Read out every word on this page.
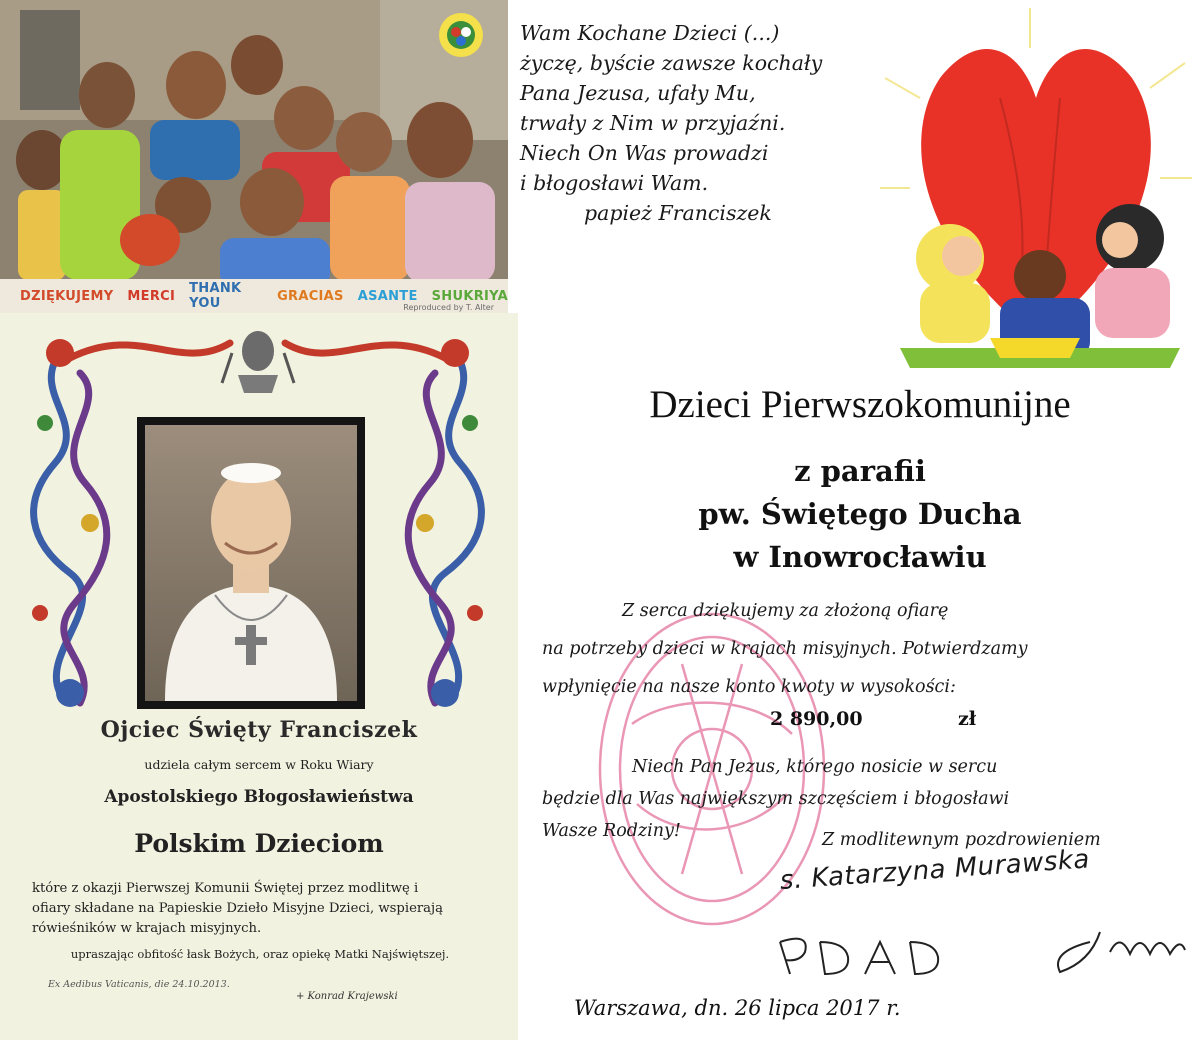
DZIĘKUJEMY MERCI THANK YOU	GRACIAS ASANTE SHUKRIYA
Reproduced by T. Alter
Ojciec Święty Franciszek
udziela całym sercem w Roku Wiary
Apostolskiego Błogosławieństwa
Polskim Dzieciom
które z okazji Pierwszej Komunii Świętej przez modlitwę i
ofiary składane na Papieskie Dzieło Misyjne Dzieci, wspierają
rówieśników w krajach misyjnych.
upraszając obfitość łask Bożych, oraz opiekę Matki Najświętszej.
Ex Aedibus Vaticanis, die 24.10.2013.
+ Konrad Krajewski
Wam Kochane Dzieci (...)
życzę, byście zawsze kochały
Pana Jezusa, ufały Mu,
trwały z Nim w przyjaźni.
Niech On Was prowadzi
i błogosławi Wam.
papież Franciszek
Dzieci Pierwszokomunijne
z parafii
pw. Świętego Ducha
w Inowrocławiu
Z serca dziękujemy za złożoną ofiarę
na potrzeby dzieci w krajach misyjnych. Potwierdzamy
wpłynięcie na nasze konto kwoty w wysokości:
Niech Pan Jezus, którego nosicie w sercu
będzie dla Was największym szczęściem i błogosławi
Wasze Rodziny!
2 890,00	zł
Z modlitewnym pozdrowieniem
s. Katarzyna Murawska
Warszawa, dn. 26 lipca 2017 r.
